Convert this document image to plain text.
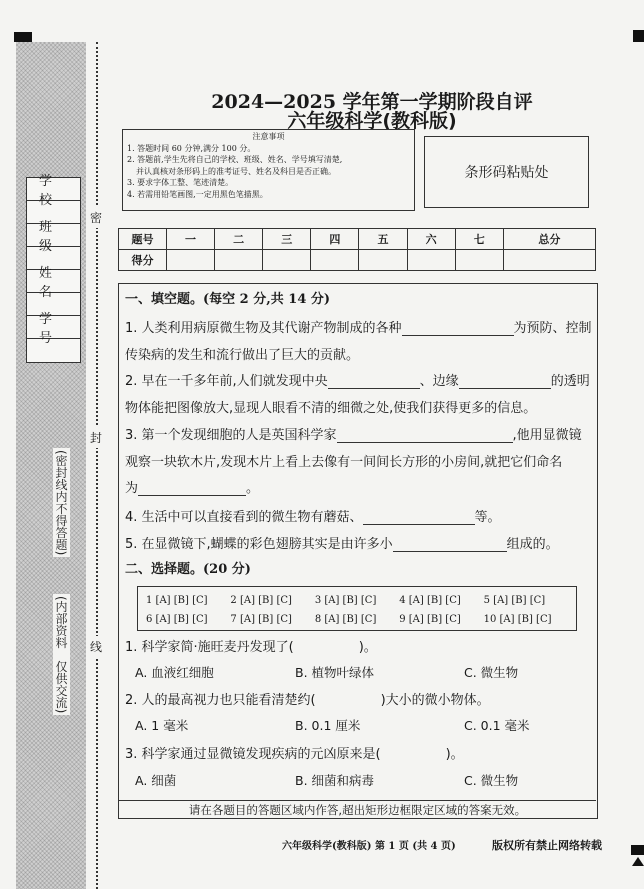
学校
班级
姓名
学号
(密封线内不得答题)
(内部资料　仅供交流)
密
封
线
2024—2025 学年第一学期阶段自评
六年级科学(教科版)
注意事项
1. 答题时间 60 分钟,满分 100 分。
2. 答题前,学生先将自己的学校、班级、姓名、学号填写清楚,
并认真核对条形码上的准考证号、姓名及科目是否正确。
3. 要求字体工整、笔迹清楚。
4. 若需用铅笔画图,一定用黑色笔描黑。
条形码粘贴处
题号	一	二	三	四	五	六	七	总分
得分								
一、填空题。(每空 2 分,共 14 分)
1. 人类利用病原微生物及其代谢产物制成的各种	为预防、控制
传染病的发生和流行做出了巨大的贡献。
2. 早在一千多年前,人们就发现中央	、边缘	的透明
物体能把图像放大,显现人眼看不清的细微之处,使我们获得更多的信息。
3. 第一个发现细胞的人是英国科学家	,他用显微镜
观察一块软木片,发现木片上看上去像有一间间长方形的小房间,就把它们命名
为	。
4. 生活中可以直接看到的微生物有蘑菇、	等。
5. 在显微镜下,蝴蝶的彩色翅膀其实是由许多小	组成的。
二、选择题。(20 分)
1 [A] [B] [C]	2 [A] [B] [C]	3 [A] [B] [C]	4 [A] [B] [C]	5 [A] [B] [C]
6 [A] [B] [C]	7 [A] [B] [C]	8 [A] [B] [C]	9 [A] [B] [C]	10 [A] [B] [C]
1. 科学家简·施旺麦丹发现了(　　　　　)。
A. 血液红细胞	B. 植物叶绿体	C. 微生物
2. 人的最高视力也只能看清楚约(　　　　　)大小的微小物体。
A. 1 毫米	B. 0.1 厘米	C. 0.1 毫米
3. 科学家通过显微镜发现疾病的元凶原来是(　　　　　)。
A. 细菌	B. 细菌和病毒	C. 微生物
请在各题目的答题区域内作答,超出矩形边框限定区域的答案无效。
六年级科学(教科版) 第 1 页 (共 4 页)	版权所有禁止网络转载
